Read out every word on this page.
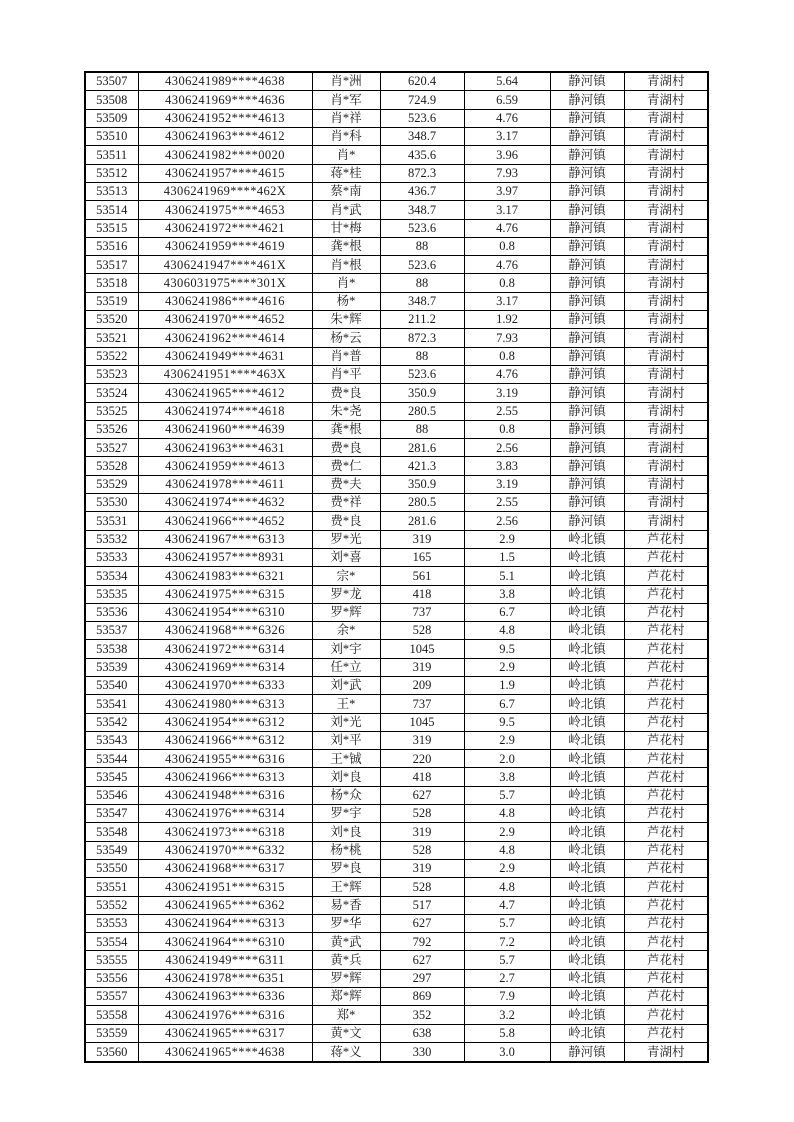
53507	4306241989****4638	肖*洲	620.4	5.64	静河镇	青湖村
53508	4306241969****4636	肖*军	724.9	6.59	静河镇	青湖村
53509	4306241952****4613	肖*祥	523.6	4.76	静河镇	青湖村
53510	4306241963****4612	肖*科	348.7	3.17	静河镇	青湖村
53511	4306241982****0020	肖*	435.6	3.96	静河镇	青湖村
53512	4306241957****4615	蒋*桂	872.3	7.93	静河镇	青湖村
53513	4306241969****462X	蔡*南	436.7	3.97	静河镇	青湖村
53514	4306241975****4653	肖*武	348.7	3.17	静河镇	青湖村
53515	4306241972****4621	甘*梅	523.6	4.76	静河镇	青湖村
53516	4306241959****4619	龚*根	88	0.8	静河镇	青湖村
53517	4306241947****461X	肖*根	523.6	4.76	静河镇	青湖村
53518	4306031975****301X	肖*	88	0.8	静河镇	青湖村
53519	4306241986****4616	杨*	348.7	3.17	静河镇	青湖村
53520	4306241970****4652	朱*辉	211.2	1.92	静河镇	青湖村
53521	4306241962****4614	杨*云	872.3	7.93	静河镇	青湖村
53522	4306241949****4631	肖*普	88	0.8	静河镇	青湖村
53523	4306241951****463X	肖*平	523.6	4.76	静河镇	青湖村
53524	4306241965****4612	费*良	350.9	3.19	静河镇	青湖村
53525	4306241974****4618	朱*尧	280.5	2.55	静河镇	青湖村
53526	4306241960****4639	龚*根	88	0.8	静河镇	青湖村
53527	4306241963****4631	费*良	281.6	2.56	静河镇	青湖村
53528	4306241959****4613	费*仁	421.3	3.83	静河镇	青湖村
53529	4306241978****4611	费*夫	350.9	3.19	静河镇	青湖村
53530	4306241974****4632	费*祥	280.5	2.55	静河镇	青湖村
53531	4306241966****4652	费*良	281.6	2.56	静河镇	青湖村
53532	4306241967****6313	罗*光	319	2.9	岭北镇	芦花村
53533	4306241957****8931	刘*喜	165	1.5	岭北镇	芦花村
53534	4306241983****6321	宗*	561	5.1	岭北镇	芦花村
53535	4306241975****6315	罗*龙	418	3.8	岭北镇	芦花村
53536	4306241954****6310	罗*辉	737	6.7	岭北镇	芦花村
53537	4306241968****6326	余*	528	4.8	岭北镇	芦花村
53538	4306241972****6314	刘*宇	1045	9.5	岭北镇	芦花村
53539	4306241969****6314	任*立	319	2.9	岭北镇	芦花村
53540	4306241970****6333	刘*武	209	1.9	岭北镇	芦花村
53541	4306241980****6313	王*	737	6.7	岭北镇	芦花村
53542	4306241954****6312	刘*光	1045	9.5	岭北镇	芦花村
53543	4306241966****6312	刘*平	319	2.9	岭北镇	芦花村
53544	4306241955****6316	王*铖	220	2.0	岭北镇	芦花村
53545	4306241966****6313	刘*良	418	3.8	岭北镇	芦花村
53546	4306241948****6316	杨*众	627	5.7	岭北镇	芦花村
53547	4306241976****6314	罗*宇	528	4.8	岭北镇	芦花村
53548	4306241973****6318	刘*良	319	2.9	岭北镇	芦花村
53549	4306241970****6332	杨*桃	528	4.8	岭北镇	芦花村
53550	4306241968****6317	罗*良	319	2.9	岭北镇	芦花村
53551	4306241951****6315	王*辉	528	4.8	岭北镇	芦花村
53552	4306241965****6362	易*香	517	4.7	岭北镇	芦花村
53553	4306241964****6313	罗*华	627	5.7	岭北镇	芦花村
53554	4306241964****6310	黄*武	792	7.2	岭北镇	芦花村
53555	4306241949****6311	黄*兵	627	5.7	岭北镇	芦花村
53556	4306241978****6351	罗*辉	297	2.7	岭北镇	芦花村
53557	4306241963****6336	郑*辉	869	7.9	岭北镇	芦花村
53558	4306241976****6316	郑*	352	3.2	岭北镇	芦花村
53559	4306241965****6317	黄*文	638	5.8	岭北镇	芦花村
53560	4306241965****4638	蒋*义	330	3.0	静河镇	青湖村
